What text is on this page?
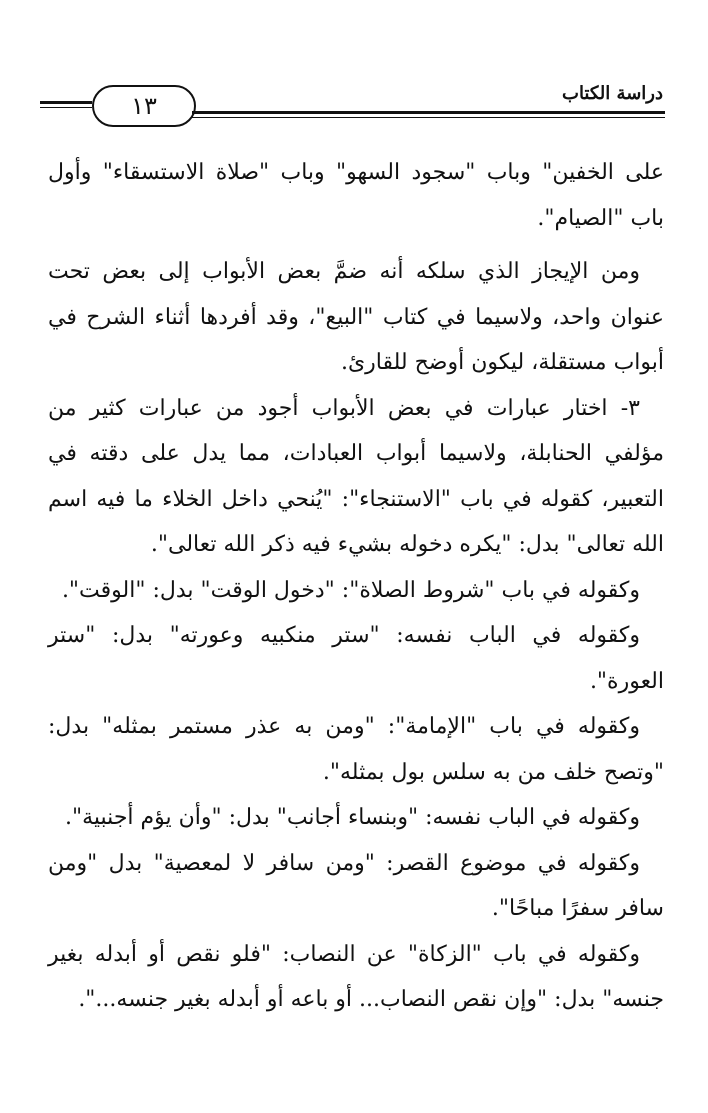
١٣	دراسة الكتاب

على الخفين" وباب "سجود السهو" وباب "صلاة الاستسقاء" وأول باب "الصيام".

ومن الإيجاز الذي سلكه أنه ضمَّ بعض الأبواب إلى بعض تحت عنوان واحد، ولاسيما في كتاب "البيع"، وقد أفردها أثناء الشرح في أبواب مستقلة، ليكون أوضح للقارئ.

٣- اختار عبارات في بعض الأبواب أجود من عبارات كثير من مؤلفي الحنابلة، ولاسيما أبواب العبادات، مما يدل على دقته في التعبير، كقوله في باب "الاستنجاء": "يُنحي داخل الخلاء ما فيه اسم الله تعالى" بدل: "يكره دخوله بشيء فيه ذكر الله تعالى".

وكقوله في باب "شروط الصلاة": "دخول الوقت" بدل: "الوقت".

وكقوله في الباب نفسه: "ستر منكبيه وعورته" بدل: "ستر العورة".

وكقوله في باب "الإمامة": "ومن به عذر مستمر بمثله" بدل: "وتصح خلف من به سلس بول بمثله".

وكقوله في الباب نفسه: "وبنساء أجانب" بدل: "وأن يؤم أجنبية".

وكقوله في موضوع القصر: "ومن سافر لا لمعصية" بدل "ومن سافر سفرًا مباحًا".

وكقوله في باب "الزكاة" عن النصاب: "فلو نقص أو أبدله بغير جنسه" بدل: "وإن نقص النصاب... أو باعه أو أبدله بغير جنسه...".
